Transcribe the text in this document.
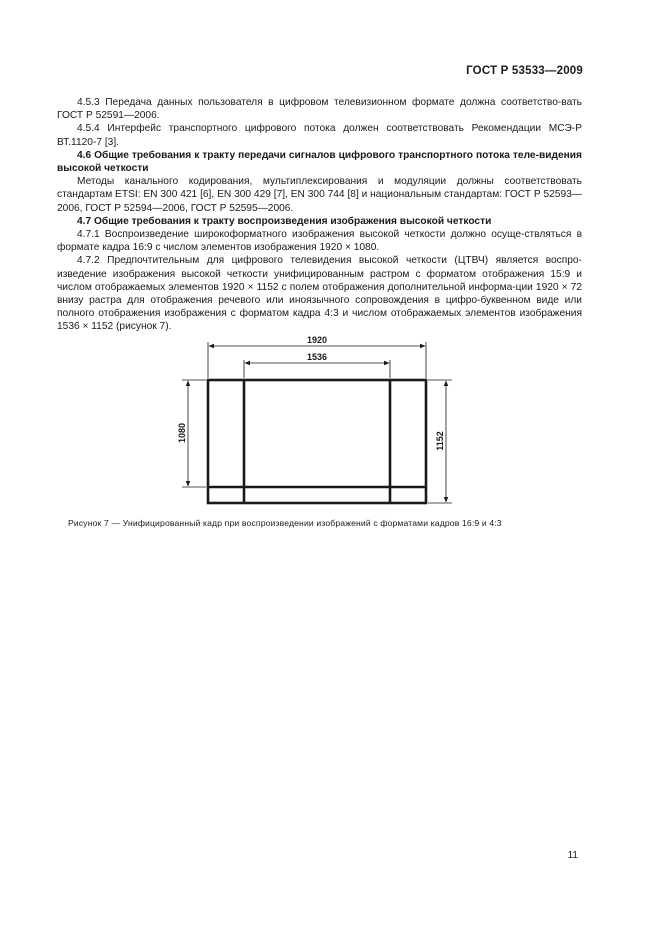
ГОСТ Р 53533—2009

4.5.3 Передача данных пользователя в цифровом телевизионном формате должна соответство-вать ГОСТ Р 52591—2006.

4.5.4 Интерфейс транспортного цифрового потока должен соответствовать Рекомендации МСЭ-Р ВТ.1120-7 [3].

4.6 Общие требования к тракту передачи сигналов цифрового транспортного потока теле-видения высокой четкости

Методы канального кодирования, мультиплексирования и модуляции должны соответствовать стандартам ETSI: EN 300 421 [6], EN 300 429 [7], EN 300 744 [8] и национальным стандартам: ГОСТ Р 52593—2006, ГОСТ Р 52594—2006, ГОСТ Р 52595—2006.

4.7 Общие требования к тракту воспроизведения изображения высокой четкости

4.7.1 Воспроизведение широкоформатного изображения высокой четкости должно осуще-ствляться в формате кадра 16:9 с числом элементов изображения 1920 × 1080.

4.7.2 Предпочтительным для цифрового телевидения высокой четкости (ЦТВЧ) является воспро-изведение изображения высокой четкости унифицированным растром с форматом отображения 15:9 и числом отображаемых элементов 1920 × 1152 с полем отображения дополнительной информа-ции 1920 × 72 внизу растра для отображения речевого или иноязычного сопровождения в цифро-буквенном виде или полного отображения изображения с форматом кадра 4:3 и числом отображаемых элементов изображения 1536 × 1152 (рисунок 7).

1920
1536
1080	1152
Рисунок 7 — Унифицированный кадр при воспроизведении изображений с форматами кадров 16:9 и 4:3
11
